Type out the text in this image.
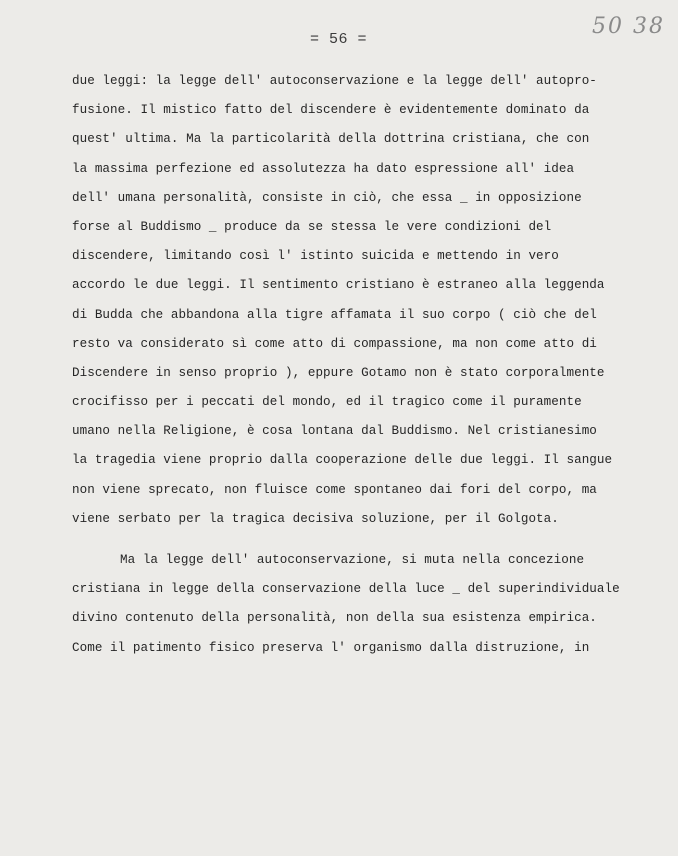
= 56 =
50 38
due leggi: la legge dell' autoconservazione e la legge dell' autopro-
fusione. Il mistico fatto del discendere è evidentemente dominato da
quest' ultima. Ma la particolarità della dottrina cristiana, che con
la massima perfezione ed assolutezza ha dato espressione all' idea
dell' umana personalità, consiste in ciò, che essa _ in opposizione
forse al Buddismo _ produce da se stessa le vere condizioni del
discendere, limitando così l' istinto suicida e mettendo in vero
accordo le due leggi. Il sentimento cristiano è estraneo alla leggenda
di Budda che abbandona alla tigre affamata il suo corpo ( ciò che del
resto va considerato sì come atto di compassione, ma non come atto di
Discendere in senso proprio ), eppure Gotamo non è stato corporalmente
crocifisso per i peccati del mondo, ed il tragico come il puramente
umano nella Religione, è cosa lontana dal Buddismo. Nel cristianesimo
la tragedia viene proprio dalla cooperazione delle due leggi. Il sangue
non viene sprecato, non fluisce come spontaneo dai fori del corpo, ma
viene serbato per la tragica decisiva soluzione, per il Golgota.
Ma la legge dell' autoconservazione, si muta nella concezione
cristiana in legge della conservazione della luce _ del superindividuale
divino contenuto della personalità, non della sua esistenza empirica.
Come il patimento fisico preserva l' organismo dalla distruzione, in
